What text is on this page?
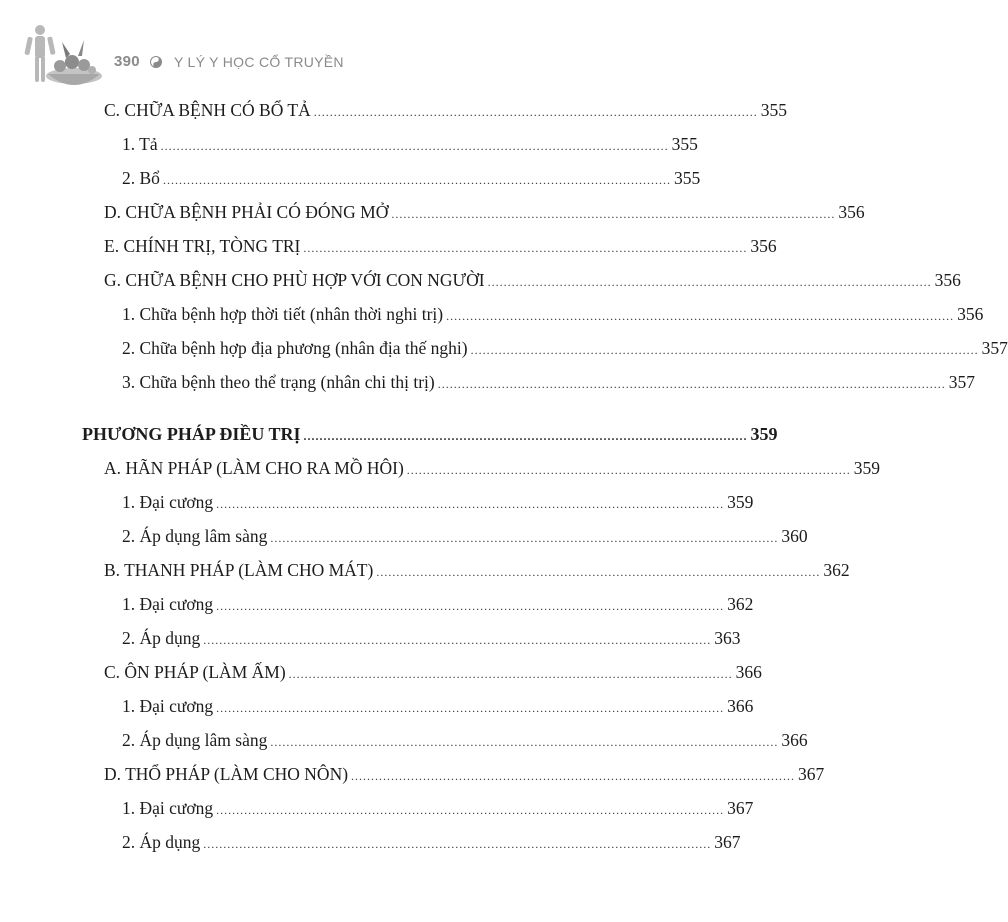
390 Y LÝ Y HỌC CỔ TRUYỀN
C. CHỮA BỆNH CÓ BỔ TẢ ............................................................................................................... 355
1. Tả ............................................................................................................................... 355
2. Bổ ............................................................................................................................... 355
D. CHỮA BỆNH PHẢI CÓ ĐÓNG MỞ ............................................................................................................... 356
E. CHÍNH TRỊ, TÒNG TRỊ ............................................................................................................... 356
G. CHỮA BỆNH CHO PHÙ HỢP VỚI CON NGƯỜI ............................................................................................................... 356
1. Chữa bệnh hợp thời tiết (nhân thời nghi trị) ............................................................................................................................... 356
2. Chữa bệnh hợp địa phương (nhân địa thế nghi) ............................................................................................................................... 357
3. Chữa bệnh theo thể trạng (nhân chi thị trị) ............................................................................................................................... 357
PHƯƠNG PHÁP ĐIỀU TRỊ ............................................................................................................... 359
A. HÃN PHÁP (LÀM CHO RA MỒ HÔI) ............................................................................................................... 359
1. Đại cương ............................................................................................................................... 359
2. Áp dụng lâm sàng ............................................................................................................................... 360
B. THANH PHÁP (LÀM CHO MÁT) ............................................................................................................... 362
1. Đại cương ............................................................................................................................... 362
2. Áp dụng ............................................................................................................................... 363
C. ÔN PHÁP (LÀM ẤM) ............................................................................................................... 366
1. Đại cương ............................................................................................................................... 366
2. Áp dụng lâm sàng ............................................................................................................................... 366
D. THỔ PHÁP (LÀM CHO NÔN) ............................................................................................................... 367
1. Đại cương ............................................................................................................................... 367
2. Áp dụng ............................................................................................................................... 367
